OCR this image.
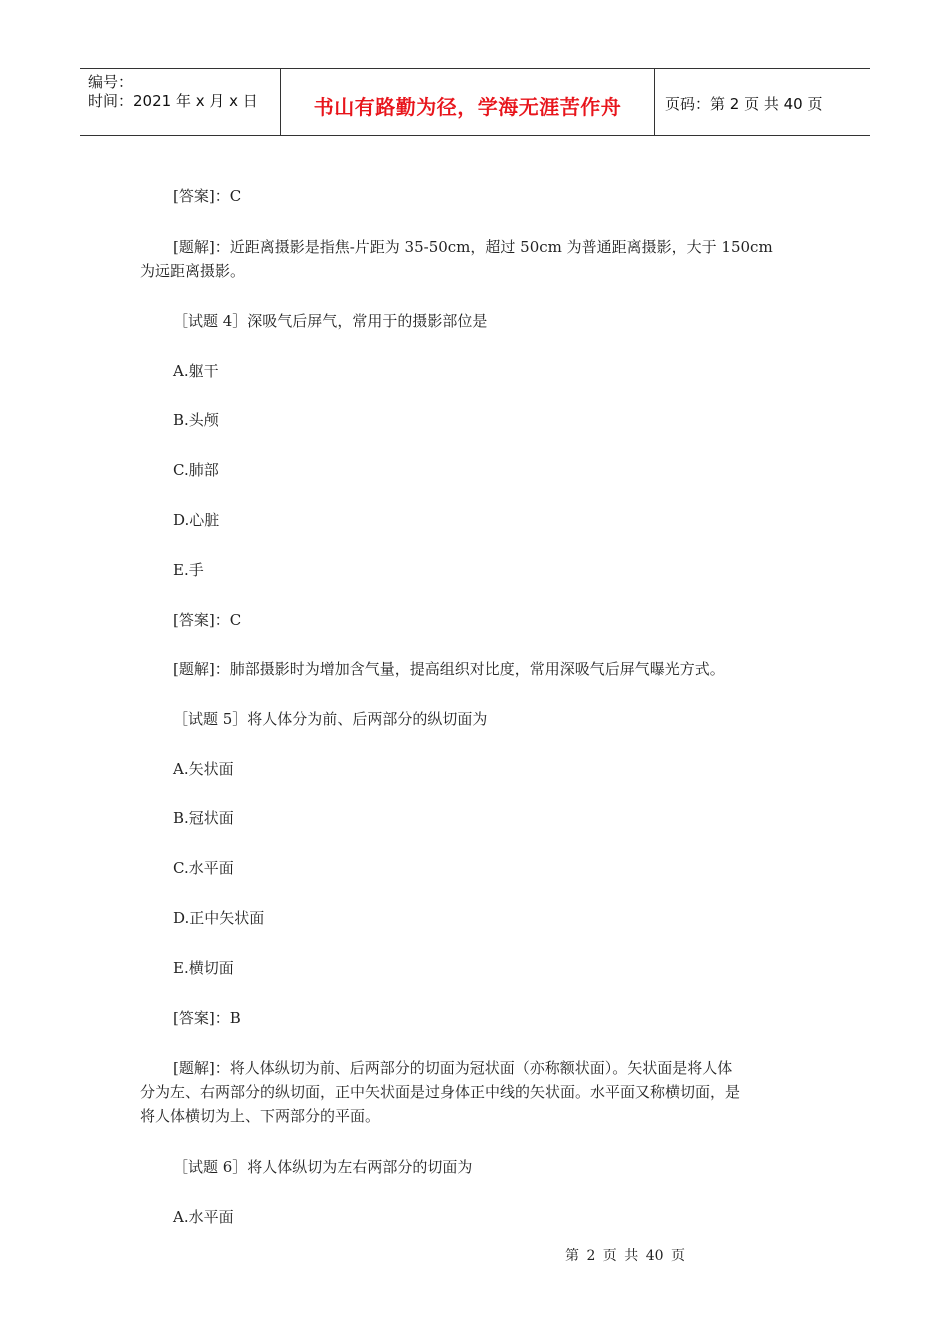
编号：
时间：2021 年 x 月 x 日	书山有路勤为径，学海无涯苦作舟	页码：第 2 页 共 40 页
[答案]：C
[题解]：近距离摄影是指焦-片距为 35-50cm，超过 50cm 为普通距离摄影，大于 150cm
为远距离摄影。
［试题 4］深吸气后屏气，常用于的摄影部位是
A.躯干
B.头颅
C.肺部
D.心脏
E.手
[答案]：C
[题解]：肺部摄影时为增加含气量，提高组织对比度，常用深吸气后屏气曝光方式。
［试题 5］将人体分为前、后两部分的纵切面为
A.矢状面
B.冠状面
C.水平面
D.正中矢状面
E.横切面
[答案]：B
[题解]：将人体纵切为前、后两部分的切面为冠状面（亦称额状面）。矢状面是将人体
分为左、右两部分的纵切面，正中矢状面是过身体正中线的矢状面。水平面又称横切面，是
将人体横切为上、下两部分的平面。
［试题 6］将人体纵切为左右两部分的切面为
A.水平面
第 2 页 共 40 页
